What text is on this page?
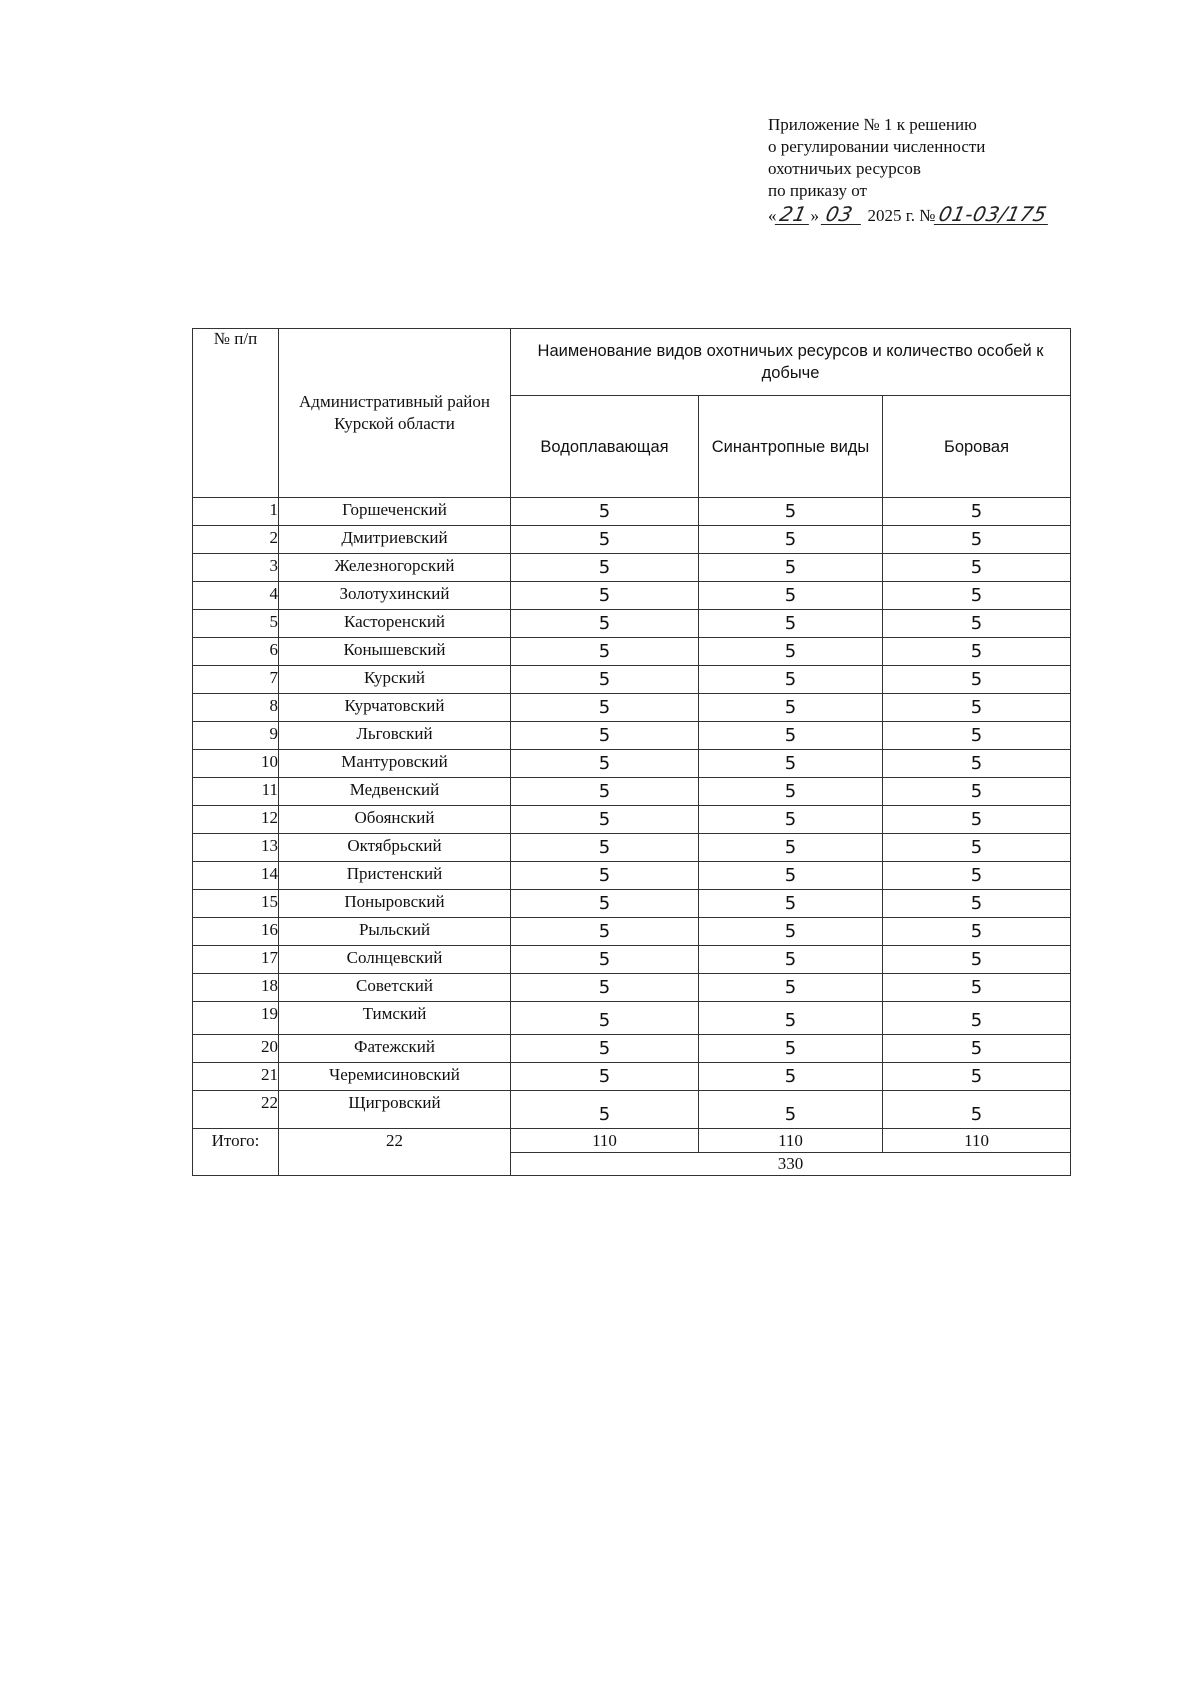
Приложение № 1 к решению
о регулировании численности
охотничьих ресурсов
по приказу от
«21 » 03 2025 г. №01-03/175
№ п/п	Административный район Курской области	Наименование видов охотничьих ресурсов и количество особей к добыче		
		Водоплавающая	Синантропные виды	Боровая
1	Горшеченский	5	5	5
2	Дмитриевский	5	5	5
3	Железногорский	5	5	5
4	Золотухинский	5	5	5
5	Касторенский	5	5	5
6	Конышевский	5	5	5
7	Курский	5	5	5
8	Курчатовский	5	5	5
9	Льговский	5	5	5
10	Мантуровский	5	5	5
11	Медвенский	5	5	5
12	Обоянский	5	5	5
13	Октябрьский	5	5	5
14	Пристенский	5	5	5
15	Поныровский	5	5	5
16	Рыльский	5	5	5
17	Солнцевский	5	5	5
18	Советский	5	5	5
19	Тимский	5	5	5
20	Фатежский	5	5	5
21	Черемисиновский	5	5	5
22	Щигровский	5	5	5
Итого:	22	110	110	110
		330		
